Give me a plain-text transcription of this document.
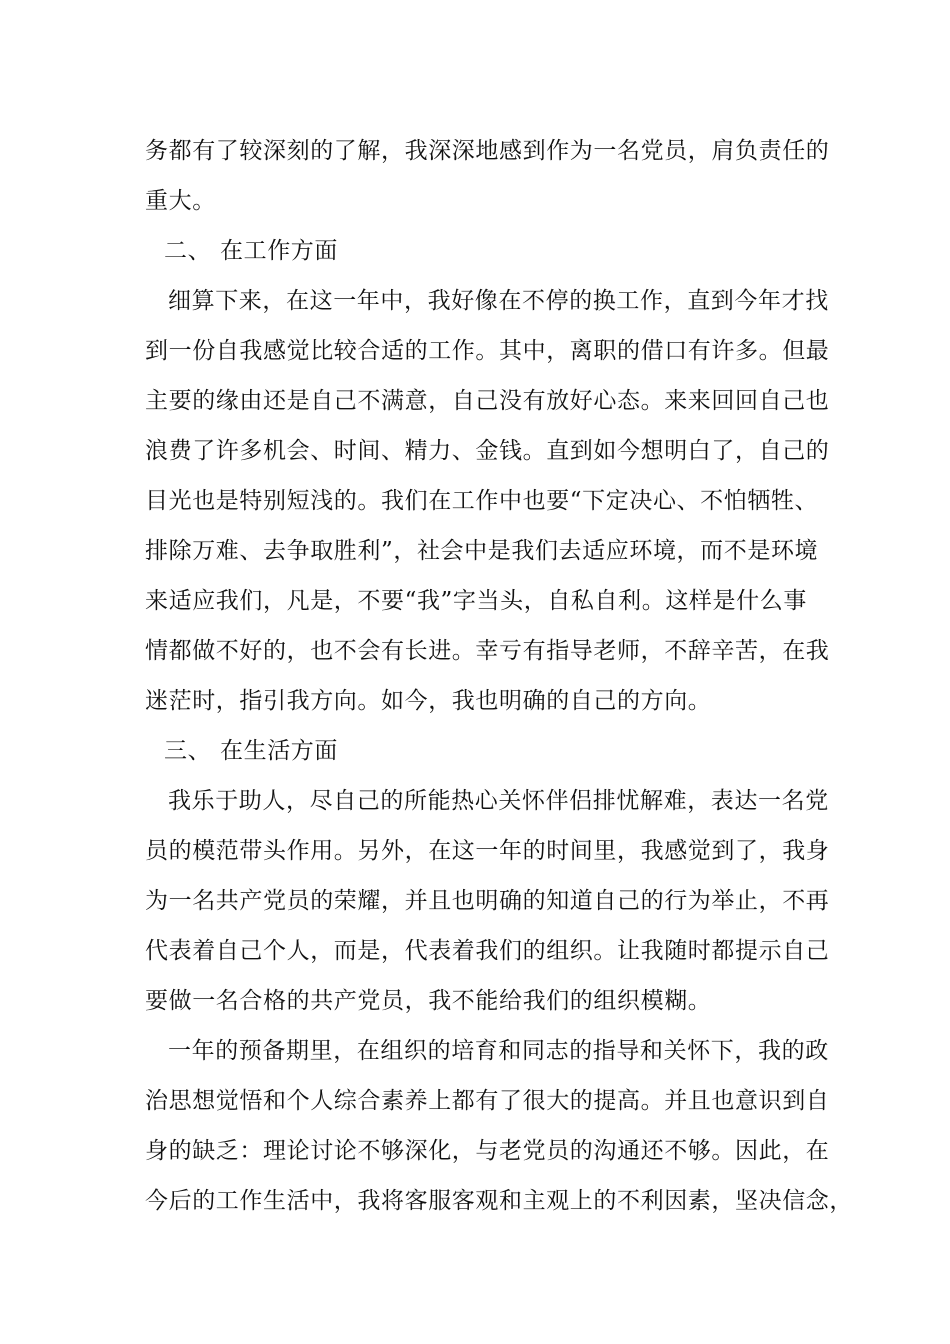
务都有了较深刻的了解，我深深地感到作为一名党员，肩负责任的
重大。
二、 在工作方面
细算下来，在这一年中，我好像在不停的换工作，直到今年才找
到一份自我感觉比较合适的工作。其中，离职的借口有许多。但最
主要的缘由还是自己不满意，自己没有放好心态。来来回回自己也
浪费了许多机会、时间、精力、金钱。直到如今想明白了，自己的
目光也是特别短浅的。我们在工作中也要“下定决心、不怕牺牲、
排除万难、去争取胜利”，社会中是我们去适应环境，而不是环境
来适应我们，凡是，不要“我”字当头，自私自利。这样是什么事
情都做不好的，也不会有长进。幸亏有指导老师，不辞辛苦，在我
迷茫时，指引我方向。如今，我也明确的自己的方向。
三、 在生活方面
我乐于助人，尽自己的所能热心关怀伴侣排忧解难，表达一名党
员的模范带头作用。另外，在这一年的时间里，我感觉到了，我身
为一名共产党员的荣耀，并且也明确的知道自己的行为举止，不再
代表着自己个人，而是，代表着我们的组织。让我随时都提示自己
要做一名合格的共产党员，我不能给我们的组织模糊。
一年的预备期里，在组织的培育和同志的指导和关怀下，我的政
治思想觉悟和个人综合素养上都有了很大的提高。并且也意识到自
身的缺乏：理论讨论不够深化，与老党员的沟通还不够。因此，在
今后的工作生活中，我将客服客观和主观上的不利因素，坚决信念，
